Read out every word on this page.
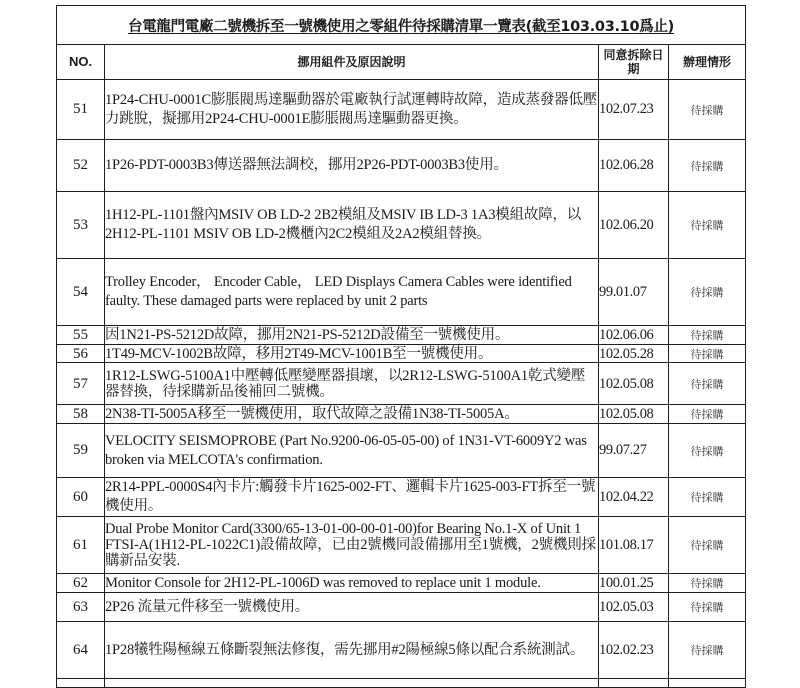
台電龍門電廠二號機拆至一號機使用之零組件待採購清單一覽表(截至103.03.10爲止)			
NO.	挪用組件及原因說明	同意拆除日期	辦理情形
51	1P24-CHU-0001C膨脹閥馬達驅動器於電廠執行試運轉時故障，造成蒸發器低壓力跳脫，擬挪用2P24-CHU-0001E膨脹閥馬達驅動器更換。	102.07.23	待採購
52	1P26-PDT-0003B3傳送器無法調校，挪用2P26-PDT-0003B3使用。	102.06.28	待採購
53	1H12-PL-1101盤內MSIV OB LD-2 2B2模組及MSIV IB LD-3 1A3模組故障，以2H12-PL-1101 MSIV OB LD-2機櫃內2C2模組及2A2模組替換。	102.06.20	待採購
54	Trolley Encoder， Encoder Cable， LED Displays Camera Cables were identified faulty. These damaged parts were replaced by unit 2 parts	99.01.07	待採購
55	因1N21-PS-5212D故障，挪用2N21-PS-5212D設備至一號機使用。	102.06.06	待採購
56	1T49-MCV-1002B故障，移用2T49-MCV-1001B至一號機使用。	102.05.28	待採購
57	1R12-LSWG-5100A1中壓轉低壓變壓器損壞，以2R12-LSWG-5100A1乾式變壓器替換，待採購新品後補回二號機。	102.05.08	待採購
58	2N38-TI-5005A移至一號機使用，取代故障之設備1N38-TI-5005A。	102.05.08	待採購
59	VELOCITY SEISMOPROBE (Part No.9200-06-05-05-00) of 1N31-VT-6009Y2 was broken via MELCOTA's confirmation.	99.07.27	待採購
60	2R14-PPL-0000S4內卡片:觸發卡片1625-002-FT、邏輯卡片1625-003-FT拆至一號機使用。	102.04.22	待採購
61	Dual Probe Monitor Card(3300/65-13-01-00-00-01-00)for Bearing No.1-X of Unit 1 FTSI-A(1H12-PL-1022C1)設備故障，已由2號機同設備挪用至1號機，2號機則採購新品安裝.	101.08.17	待採購
62	Monitor Console for 2H12-PL-1006D was removed to replace unit 1 module.	100.01.25	待採購
63	2P26 流量元件移至一號機使用。	102.05.03	待採購
64	1P28犧牲陽極線五條斷裂無法修復，需先挪用#2陽極線5條以配合系統測試。	102.02.23	待採購
